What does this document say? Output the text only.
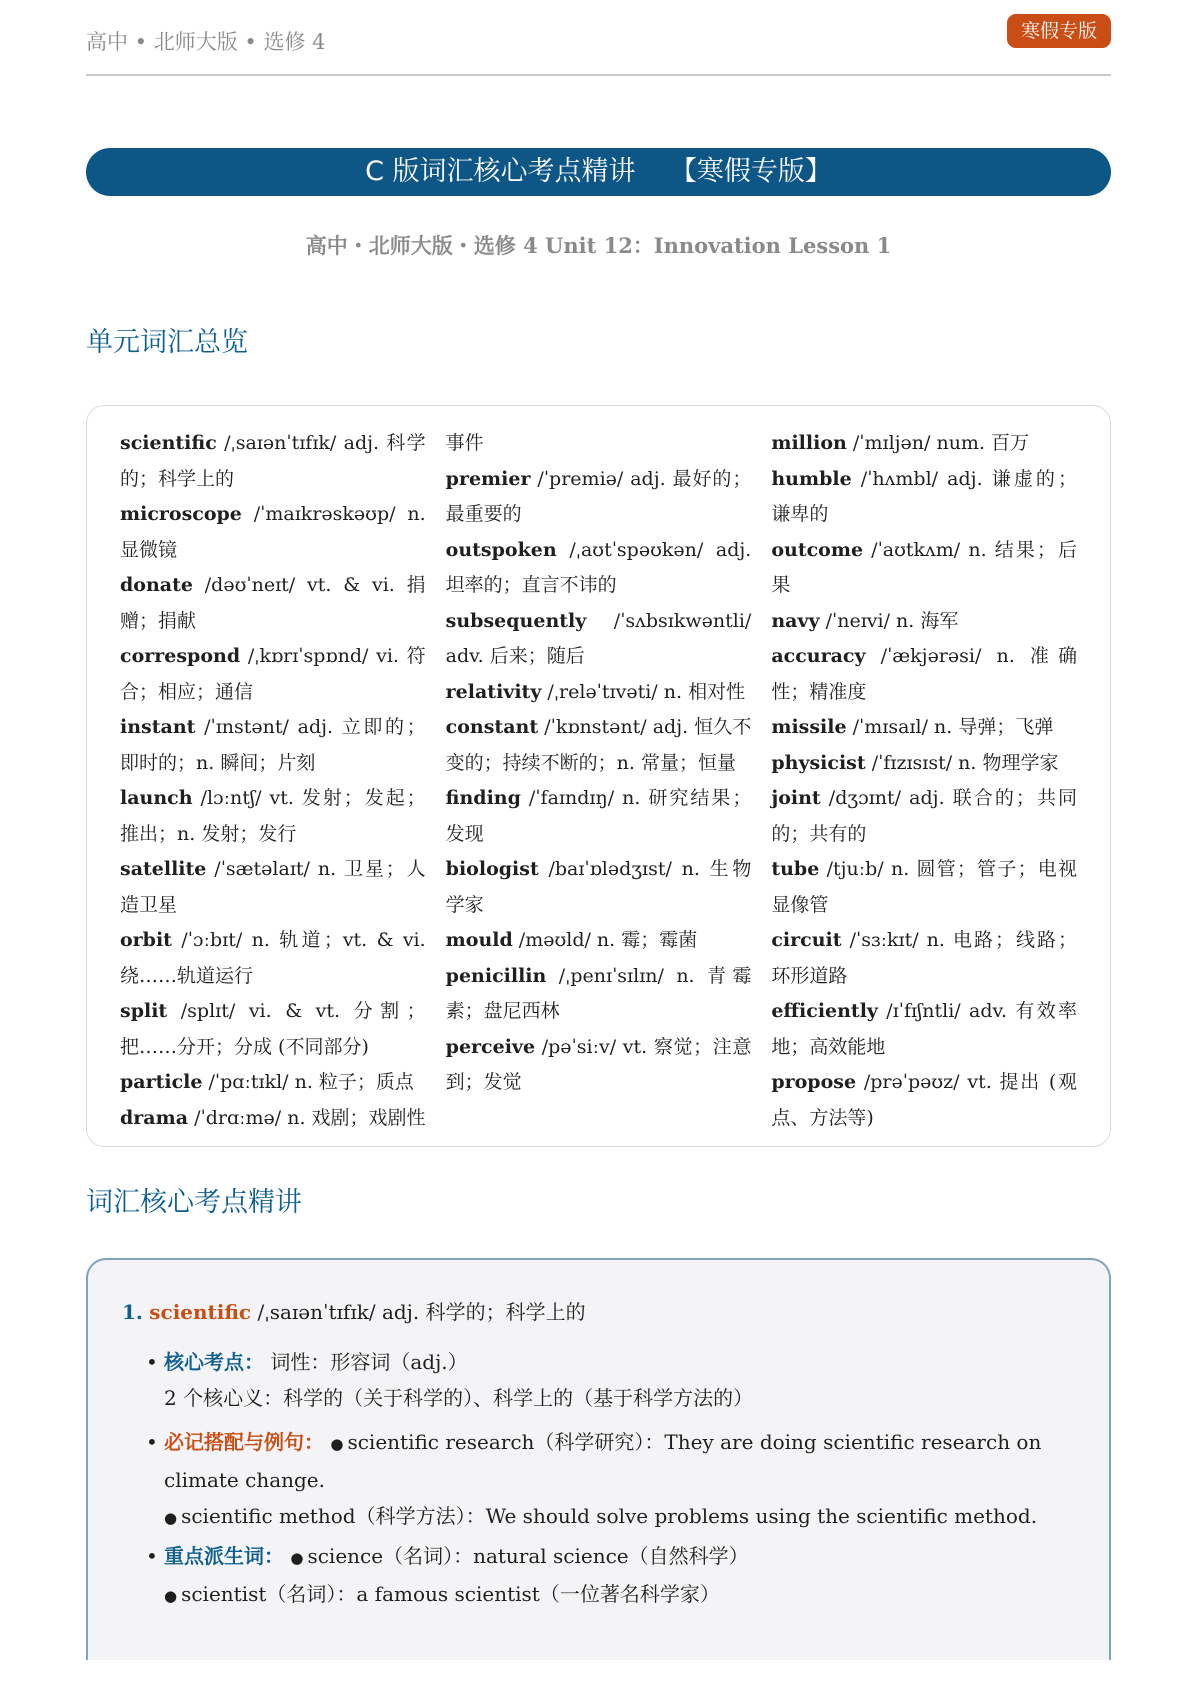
高中 • 北师大版 • 选修 4	寒假专版
C 版词汇核心考点精讲    【寒假专版】
高中・北师大版・选修 4 Unit 12：Innovation Lesson 1
单元词汇总览

scientific /ˌsaɪənˈtɪfɪk/ adj. 科学的；科学上的

microscope /ˈmaɪkrəskəʊp/ n. 显微镜

donate /dəʊˈneɪt/ vt. & vi. 捐赠；捐献

correspond /ˌkɒrɪˈspɒnd/ vi. 符合；相应；通信

instant /ˈɪnstənt/ adj. 立即的；即时的；n. 瞬间；片刻

launch /lɔːntʃ/ vt. 发射；发起；推出；n. 发射；发行

satellite /ˈsætəlaɪt/ n. 卫星；人造卫星

orbit /ˈɔːbɪt/ n. 轨道；vt. & vi. 绕……轨道运行

split /splɪt/ vi. & vt. 分割；把……分开；分成 (不同部分)

particle /ˈpɑːtɪkl/ n. 粒子；质点

drama /ˈdrɑːmə/ n. 戏剧；戏剧性

事件

premier /ˈpremiə/ adj. 最好的；最重要的

outspoken /ˌaʊtˈspəʊkən/ adj. 坦率的；直言不讳的

subsequently /ˈsʌbsɪkwəntli/ adv. 后来；随后

relativity /ˌreləˈtɪvəti/ n. 相对性

constant /ˈkɒnstənt/ adj. 恒久不变的；持续不断的；n. 常量；恒量

finding /ˈfaɪndɪŋ/ n. 研究结果；发现

biologist /baɪˈɒlədʒɪst/ n. 生物学家

mould /məʊld/ n. 霉；霉菌

penicillin /ˌpenɪˈsɪlɪn/ n. 青霉素；盘尼西林

perceive /pəˈsiːv/ vt. 察觉；注意到；发觉

million /ˈmɪljən/ num. 百万

humble /ˈhʌmbl/ adj. 谦虚的；谦卑的

outcome /ˈaʊtkʌm/ n. 结果；后果

navy /ˈneɪvi/ n. 海军

accuracy /ˈækjərəsi/ n. 准确性；精准度

missile /ˈmɪsaɪl/ n. 导弹；飞弹

physicist /ˈfɪzɪsɪst/ n. 物理学家

joint /dʒɔɪnt/ adj. 联合的；共同的；共有的

tube /tjuːb/ n. 圆管；管子；电视显像管

circuit /ˈsɜːkɪt/ n. 电路；线路；环形道路

efficiently /ɪˈfɪʃntli/ adv. 有效率地；高效能地

propose /prəˈpəʊz/ vt. 提出 (观点、方法等)

词汇核心考点精讲
1. scientific /ˌsaɪənˈtɪfɪk/ adj. 科学的；科学上的
• 核心考点： 词性：形容词（adj.）
2 个核心义：科学的（关于科学的）、科学上的（基于科学方法的）
• 必记搭配与例句： ● scientific research（科学研究）：They are doing scientific research on climate change.
● scientific method（科学方法）：We should solve problems using the scientific method.
• 重点派生词： ● science（名词）：natural science（自然科学）
● scientist（名词）：a famous scientist（一位著名科学家）
